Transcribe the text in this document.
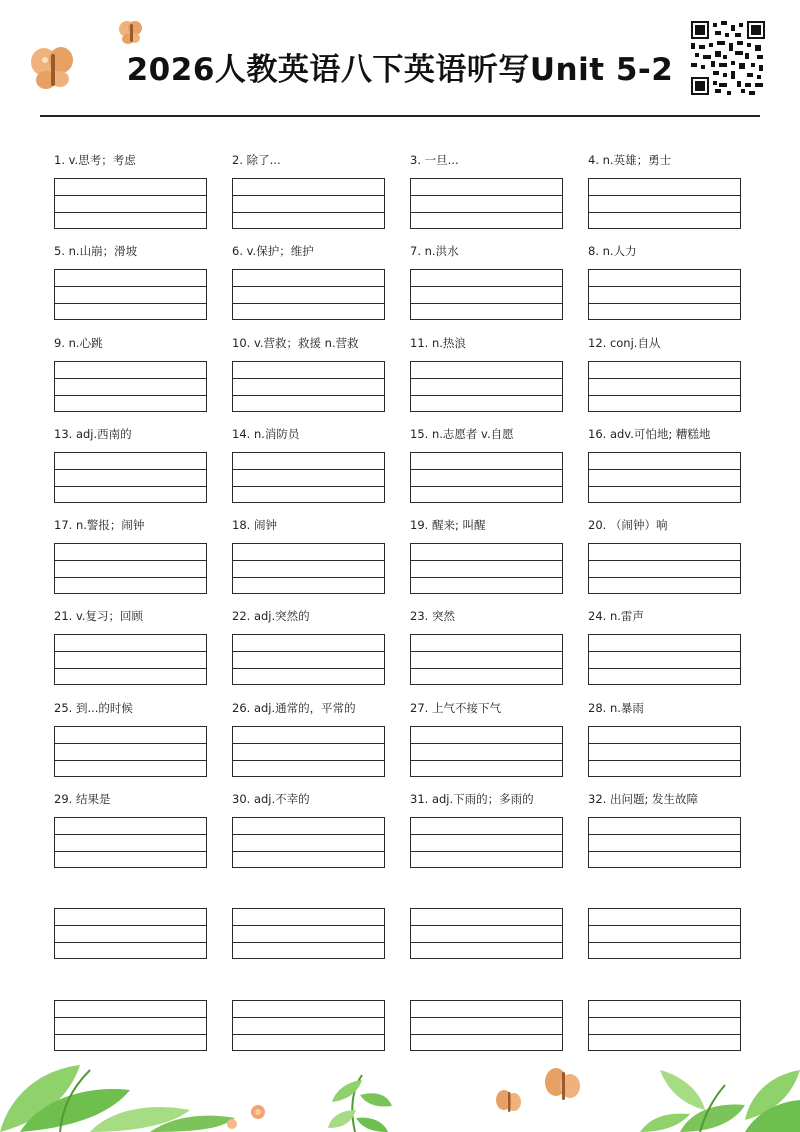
2026人教英语八下英语听写Unit 5-2
1. v.思考；考虑	2. 除了...	3. 一旦...	4. n.英雄；勇士
5. n.山崩；滑坡	6. v.保护；维护	7. n.洪水	8. n.人力
9. n.心跳	10. v.营救；救援 n.营救	11. n.热浪	12. conj.自从
13. adj.西南的	14. n.消防员	15. n.志愿者 v.自愿	16. adv.可怕地; 糟糕地
17. n.警报；闹钟	18. 闹钟	19. 醒来; 叫醒	20. （闹钟）响
21. v.复习；回顾	22. adj.突然的	23. 突然	24. n.雷声
25. 到...的时候	26. adj.通常的，平常的	27. 上气不接下气	28. n.暴雨
29. 结果是	30. adj.不幸的	31. adj.下雨的；多雨的	32. 出问题; 发生故障
